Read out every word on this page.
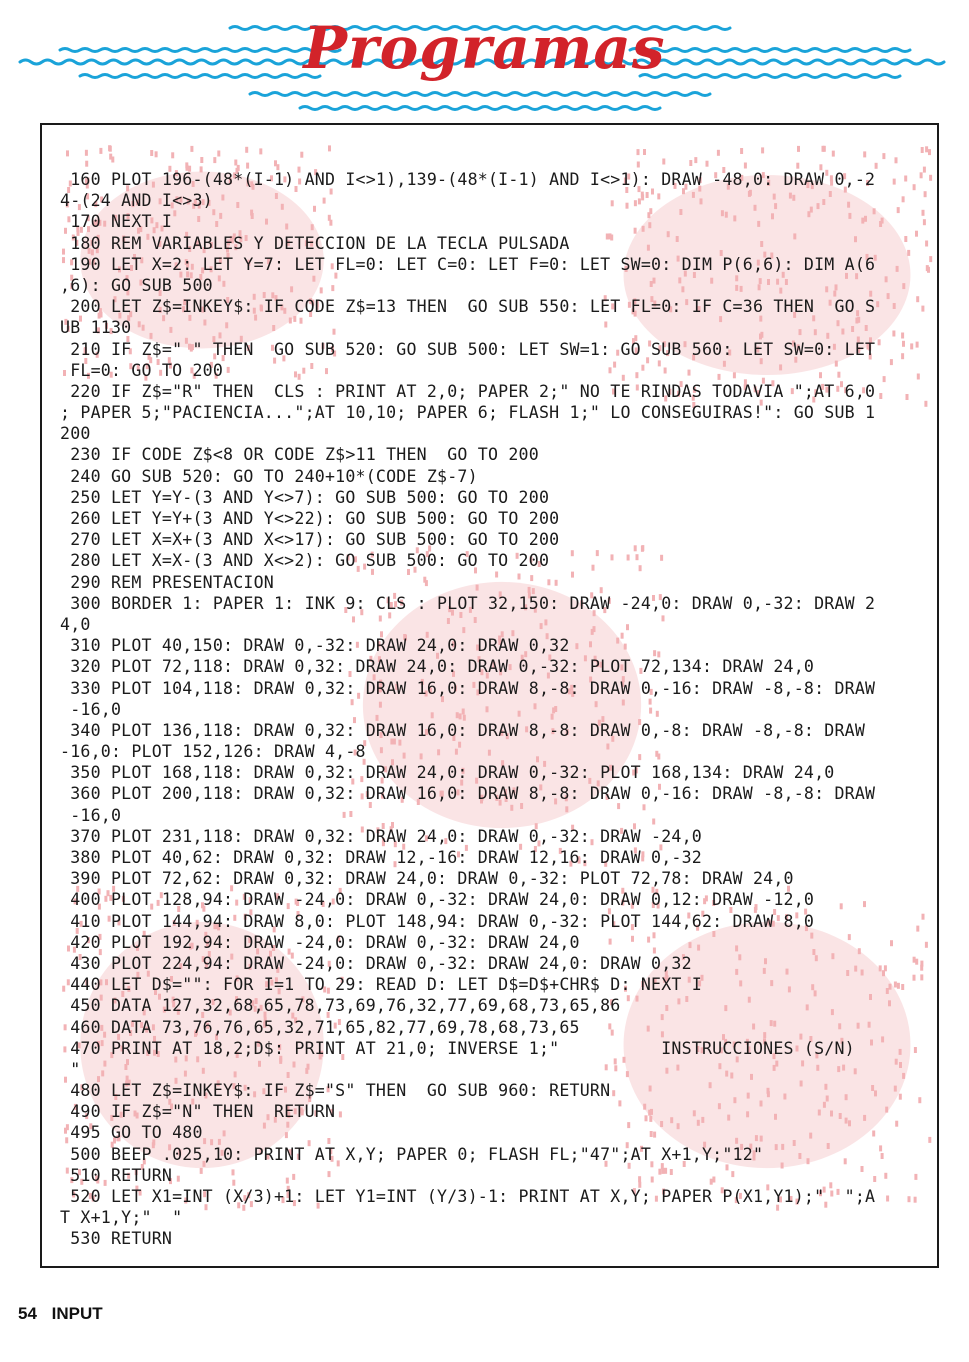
Programas
160 PLOT 196-(48*(I-1) AND I<>1),139-(48*(I-1) AND I<>1): DRAW -48,0: DRAW 0,-2
4-(24 AND I<>3)
170 NEXT I
180 REM VARIABLES Y DETECCION DE LA TECLA PULSADA
190 LET X=2: LET Y=7: LET FL=0: LET C=0: LET F=0: LET SW=0: DIM P(6,6): DIM A(6
,6): GO SUB 500
200 LET Z$=INKEY$: IF CODE Z$=13 THEN  GO SUB 550: LET FL=0: IF C=36 THEN  GO S
UB 1130
210 IF Z$=" " THEN  GO SUB 520: GO SUB 500: LET SW=1: GO SUB 560: LET SW=0: LET
FL=0: GO TO 200
220 IF Z$="R" THEN  CLS : PRINT AT 2,0; PAPER 2;" NO TE RINDAS TODAVIA ";AT 6,0
; PAPER 5;"PACIENCIA...";AT 10,10; PAPER 6; FLASH 1;" LO CONSEGUIRAS!": GO SUB 1
200
230 IF CODE Z$<8 OR CODE Z$>11 THEN  GO TO 200
240 GO SUB 520: GO TO 240+10*(CODE Z$-7)
250 LET Y=Y-(3 AND Y<>7): GO SUB 500: GO TO 200
260 LET Y=Y+(3 AND Y<>22): GO SUB 500: GO TO 200
270 LET X=X+(3 AND X<>17): GO SUB 500: GO TO 200
280 LET X=X-(3 AND X<>2): GO SUB 500: GO TO 200
290 REM PRESENTACION
300 BORDER 1: PAPER 1: INK 9: CLS : PLOT 32,150: DRAW -24,0: DRAW 0,-32: DRAW 2
4,0
310 PLOT 40,150: DRAW 0,-32: DRAW 24,0: DRAW 0,32
320 PLOT 72,118: DRAW 0,32: DRAW 24,0: DRAW 0,-32: PLOT 72,134: DRAW 24,0
330 PLOT 104,118: DRAW 0,32: DRAW 16,0: DRAW 8,-8: DRAW 0,-16: DRAW -8,-8: DRAW
-16,0
340 PLOT 136,118: DRAW 0,32: DRAW 16,0: DRAW 8,-8: DRAW 0,-8: DRAW -8,-8: DRAW
-16,0: PLOT 152,126: DRAW 4,-8
350 PLOT 168,118: DRAW 0,32: DRAW 24,0: DRAW 0,-32: PLOT 168,134: DRAW 24,0
360 PLOT 200,118: DRAW 0,32: DRAW 16,0: DRAW 8,-8: DRAW 0,-16: DRAW -8,-8: DRAW
-16,0
370 PLOT 231,118: DRAW 0,32: DRAW 24,0: DRAW 0,-32: DRAW -24,0
380 PLOT 40,62: DRAW 0,32: DRAW 12,-16: DRAW 12,16: DRAW 0,-32
390 PLOT 72,62: DRAW 0,32: DRAW 24,0: DRAW 0,-32: PLOT 72,78: DRAW 24,0
400 PLOT 128,94: DRAW -24,0: DRAW 0,-32: DRAW 24,0: DRAW 0,12: DRAW -12,0
410 PLOT 144,94: DRAW 8,0: PLOT 148,94: DRAW 0,-32: PLOT 144,62: DRAW 8,0
420 PLOT 192,94: DRAW -24,0: DRAW 0,-32: DRAW 24,0
430 PLOT 224,94: DRAW -24,0: DRAW 0,-32: DRAW 24,0: DRAW 0,32
440 LET D$="": FOR I=1 TO 29: READ D: LET D$=D$+CHR$ D: NEXT I
450 DATA 127,32,68,65,78,73,69,76,32,77,69,68,73,65,86
460 DATA 73,76,76,65,32,71,65,82,77,69,78,68,73,65
470 PRINT AT 18,2;D$: PRINT AT 21,0; INVERSE 1;"          INSTRUCCIONES (S/N)
"
480 LET Z$=INKEY$: IF Z$="S" THEN  GO SUB 960: RETURN
490 IF Z$="N" THEN  RETURN
495 GO TO 480
500 BEEP .025,10: PRINT AT X,Y; PAPER 0; FLASH FL;"47";AT X+1,Y;"12"
510 RETURN
520 LET X1=INT (X/3)+1: LET Y1=INT (Y/3)-1: PRINT AT X,Y; PAPER P(X1,Y1);"  ";A
T X+1,Y;"  "
530 RETURN
54 INPUT
